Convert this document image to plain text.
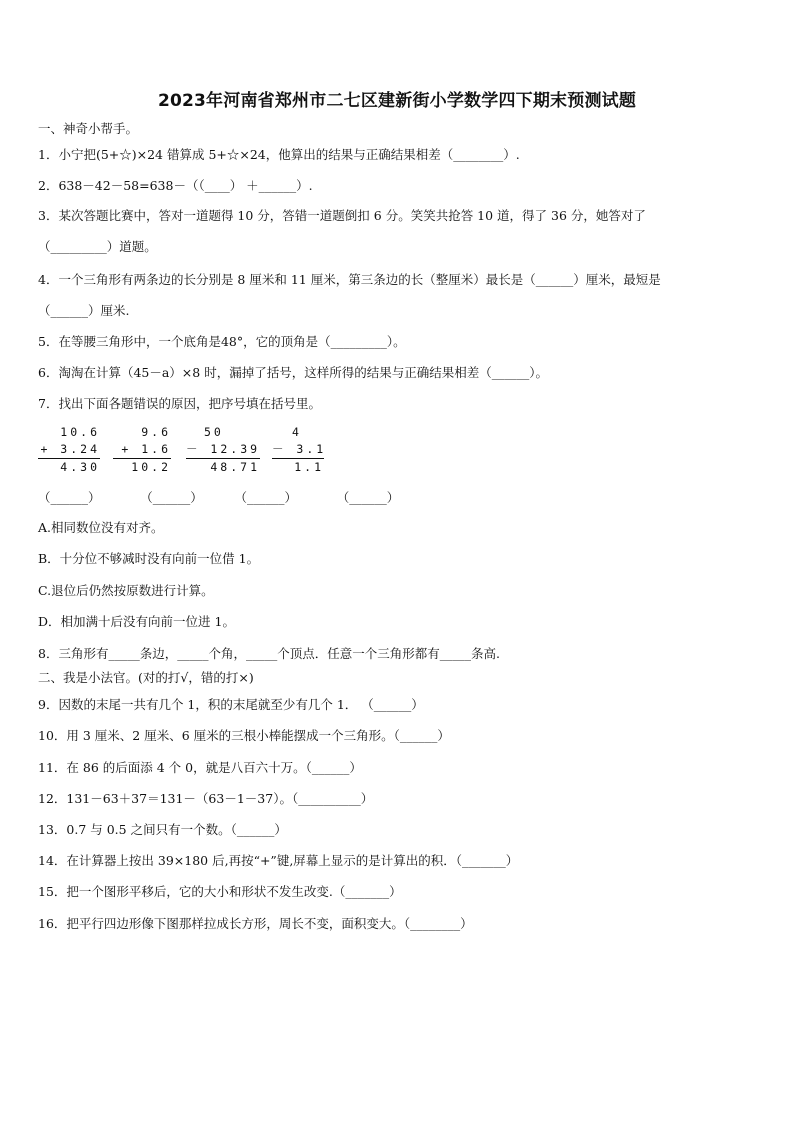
2023年河南省郑州市二七区建新街小学数学四下期末预测试题
一、神奇小帮手。
1．小宁把(5+☆)×24 错算成 5+☆×24，他算出的结果与正确结果相差（________）.
2．638－42－58=638－（（____） ＋______）.
3．某次答题比赛中，答对一道题得 10 分，答错一道题倒扣 6 分。笑笑共抢答 10 道，得了 36 分，她答对了
（_________）道题。
4．一个三角形有两条边的长分别是 8 厘米和 11 厘米，第三条边的长（整厘米）最长是（______）厘米，最短是
（______）厘米.
5．在等腰三角形中，一个底角是48°，它的顶角是（_________）。
6．淘淘在计算（45－a）×8 时，漏掉了括号，这样所得的结果与正确结果相差（______）。
7．找出下面各题错误的原因，把序号填在括号里。
10.6
+ 3.24
4.30
9.6
+ 1.6
10.2
50
－ 12.39
48.71
4
－ 3.1
1.1
（______）          （______）        （______）          （______）
A.相同数位没有对齐。
B．十分位不够减时没有向前一位借 1。
C.退位后仍然按原数进行计算。
D．相加满十后没有向前一位进 1。
8．三角形有_____条边，_____个角，_____个顶点．任意一个三角形都有_____条高.
二、我是小法官。(对的打√，错的打×)
9．因数的末尾一共有几个 1，积的末尾就至少有几个 1． （______）
10．用 3 厘米、2 厘米、6 厘米的三根小棒能摆成一个三角形。（______）
11．在 86 的后面添 4 个 0，就是八百六十万。（______）
12．131－63＋37＝131－（63－1－37）。（__________）
13．0.7 与 0.5 之间只有一个数。（______）
14．在计算器上按出 39×180 后,再按“+”键,屏幕上显示的是计算出的积．（_______）
15．把一个图形平移后，它的大小和形状不发生改变.（_______）
16．把平行四边形像下图那样拉成长方形，周长不变，面积变大。（________）
